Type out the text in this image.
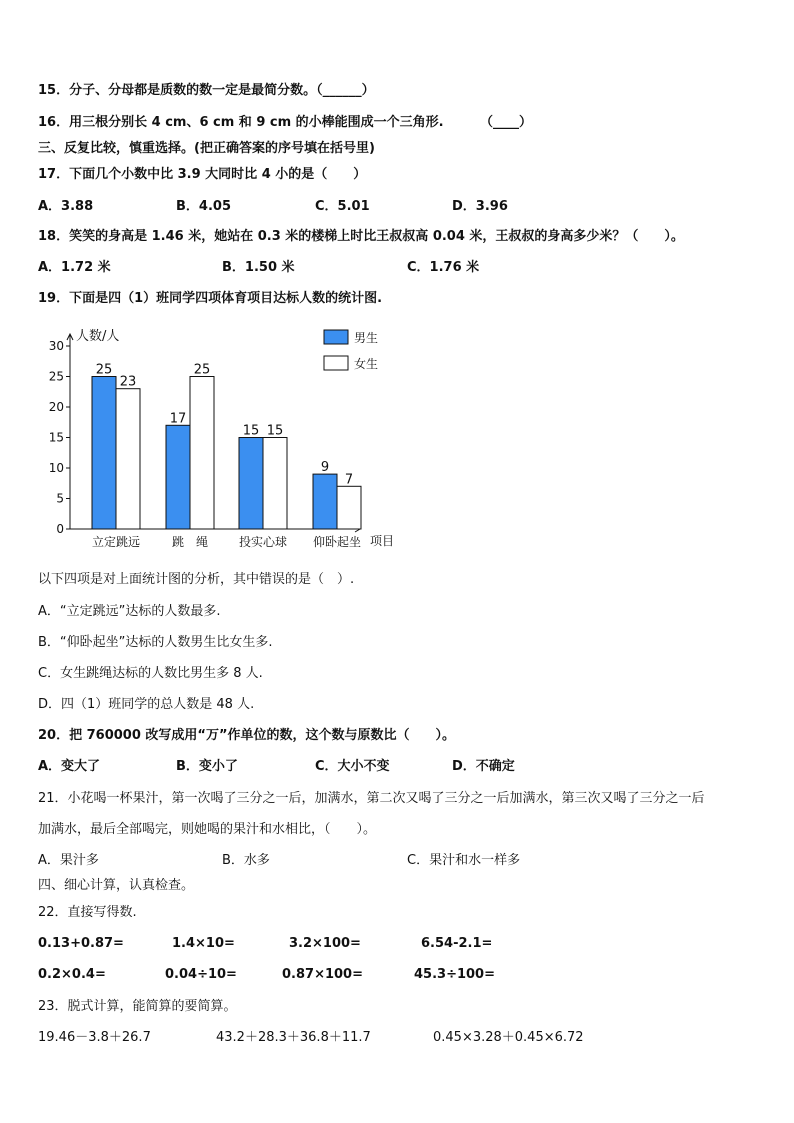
15．分子、分母都是质数的数一定是最简分数。（______）
16．用三根分别长 4 cm、6 cm 和 9 cm 的小棒能围成一个三角形.	（____）
三、反复比较，慎重选择。(把正确答案的序号填在括号里)
17．下面几个小数中比 3.9 大同时比 4 小的是（　　）
A．3.88	B．4.05	C．5.01	D．3.96
18．笑笑的身高是 1.46 米，她站在 0.3 米的楼梯上时比王叔叔高 0.04 米，王叔叔的身高多少米？（　　）。
A．1.72 米	B．1.50 米	C．1.76 米
19．下面是四（1）班同学四项体育项目达标人数的统计图.
人数/人
项目
0
5
10
15
20
25
30
25
23
17
25
15 15
9
7
立定跳远	跳　绳	投实心球 仰卧起坐
男生
女生
以下四项是对上面统计图的分析，其中错误的是（　）.
A．“立定跳远”达标的人数最多.
B．“仰卧起坐”达标的人数男生比女生多.
C．女生跳绳达标的人数比男生多 8 人.
D．四（1）班同学的总人数是 48 人.
20．把 760000 改写成用“万”作单位的数，这个数与原数比（　　）。
A．变大了	B．变小了	C．大小不变	D．不确定
21．小花喝一杯果汁，第一次喝了三分之一后，加满水，第二次又喝了三分之一后加满水，第三次又喝了三分之一后
加满水，最后全部喝完，则她喝的果汁和水相比，（　　）。
A．果汁多	B．水多	C．果汁和水一样多
四、细心计算，认真检查。
22．直接写得数.
0.13+0.87=	1.4×10=	3.2×100=	6.54-2.1=
0.2×0.4=	0.04÷10=	0.87×100=	45.3÷100=
23．脱式计算，能简算的要简算。
19.46－3.8＋26.7	43.2＋28.3＋36.8＋11.7	0.45×3.28＋0.45×6.72
